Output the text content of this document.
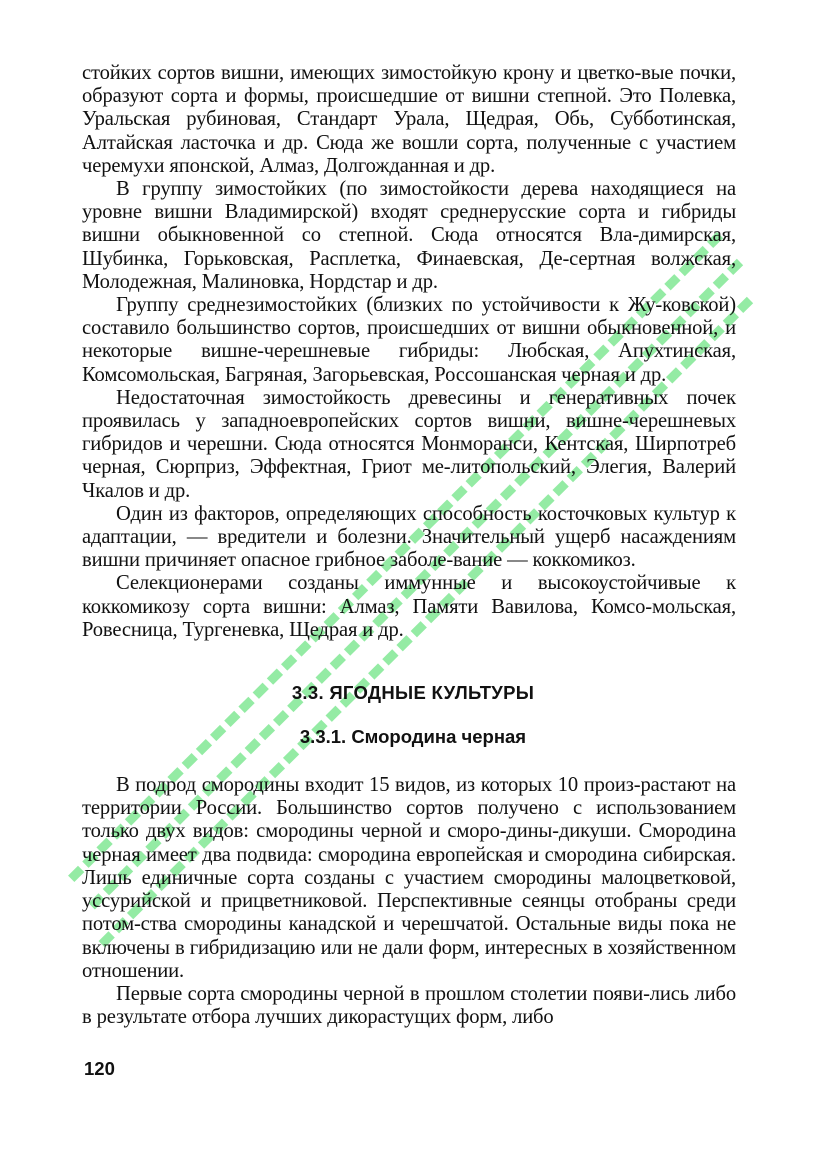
стойких сортов вишни, имеющих зимостойкую крону и цветко-вые почки, образуют сорта и формы, происшедшие от вишни степной. Это Полевка, Уральская рубиновая, Стандарт Урала, Щедрая, Обь, Субботинская, Алтайская ласточка и др. Сюда же вошли сорта, полученные с участием черемухи японской, Алмаз, Долгожданная и др.

В группу зимостойких (по зимостойкости дерева находящиеся на уровне вишни Владимирской) входят среднерусские сорта и гибриды вишни обыкновенной со степной. Сюда относятся Вла-димирская, Шубинка, Горьковская, Расплетка, Финаевская, Де-сертная волжская, Молодежная, Малиновка, Нордстар и др.

Группу среднезимостойких (близких по устойчивости к Жу-ковской) составило большинство сортов, происшедших от вишни обыкновенной, и некоторые вишне-черешневые гибриды: Любская, Апухтинская, Комсомольская, Багряная, Загорьевская, Россошанская черная и др.

Недостаточная зимостойкость древесины и генеративных почек проявилась у западноевропейских сортов вишни, вишне-черешневых гибридов и черешни. Сюда относятся Монморанси, Кентская, Ширпотреб черная, Сюрприз, Эффектная, Гриот ме-литопольский, Элегия, Валерий Чкалов и др.

Один из факторов, определяющих способность косточковых культур к адаптации, — вредители и болезни. Значительный ущерб насаждениям вишни причиняет опасное грибное заболе-вание — коккомикоз.

Селекционерами созданы иммунные и высокоустойчивые к коккомикозу сорта вишни: Алмаз, Памяти Вавилова, Комсо-мольская, Ровесница, Тургеневка, Щедрая и др.

3.3. ЯГОДНЫЕ КУЛЬТУРЫ
3.3.1. Смородина черная

В подрод смородины входит 15 видов, из которых 10 произ-растают на территории России. Большинство сортов получено с использованием только двух видов: смородины черной и сморо-дины-дикуши. Смородина черная имеет два подвида: смородина европейская и смородина сибирская. Лишь единичные сорта созданы с участием смородины малоцветковой, уссурийской и прицветниковой. Перспективные сеянцы отобраны среди потом-ства смородины канадской и черешчатой. Остальные виды пока не включены в гибридизацию или не дали форм, интересных в хозяйственном отношении.

Первые сорта смородины черной в прошлом столетии появи-лись либо в результате отбора лучших дикорастущих форм, либо

120
